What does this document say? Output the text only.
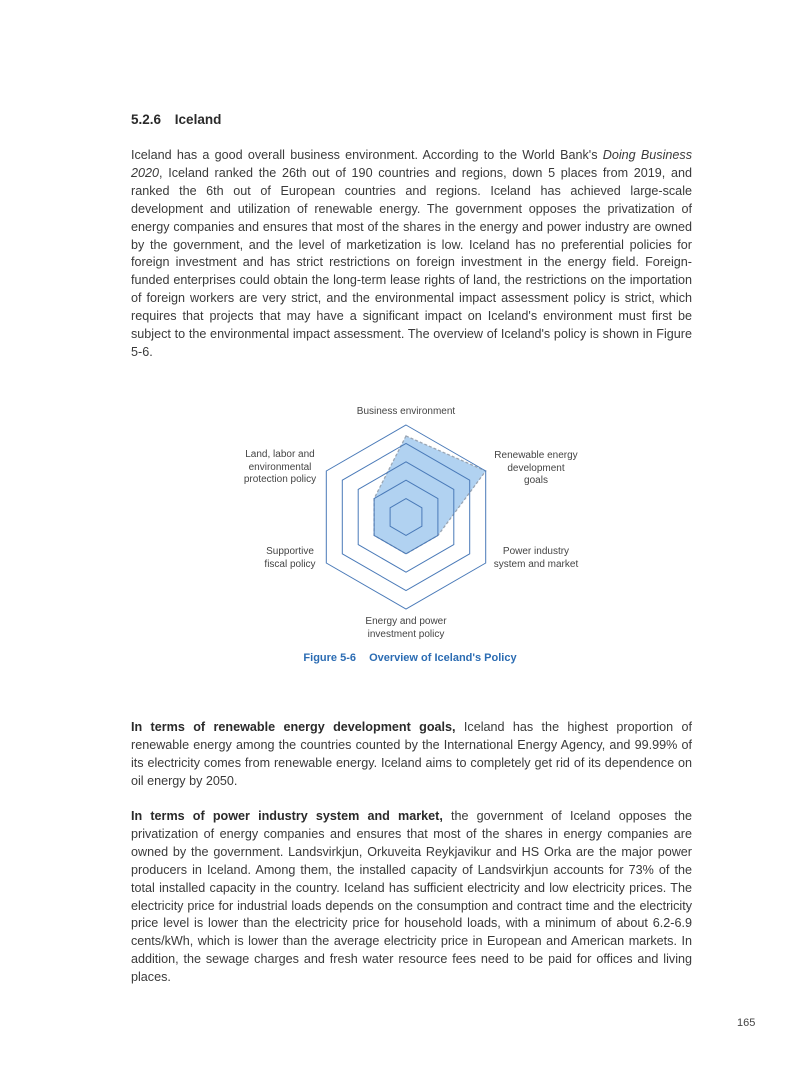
5.2.6 Iceland
Iceland has a good overall business environment. According to the World Bank's Doing Business 2020, Iceland ranked the 26th out of 190 countries and regions, down 5 places from 2019, and ranked the 6th out of European countries and regions. Iceland has achieved large-scale development and utilization of renewable energy. The government opposes the privatization of energy companies and ensures that most of the shares in the energy and power industry are owned by the government, and the level of marketization is low. Iceland has no preferential policies for foreign investment and has strict restrictions on foreign investment in the energy field. Foreign-funded enterprises could obtain the long-term lease rights of land, the restrictions on the importation of foreign workers are very strict, and the environmental impact assessment policy is strict, which requires that projects that may have a significant impact on Iceland's environment must first be subject to the environmental impact assessment. The overview of Iceland's policy is shown in Figure 5-6.
Business environment
Renewable energy
development
goals
Power industry
system and market
Energy and power
investment policy
Supportive
fiscal policy
Land, labor and
environmental
protection policy
Figure 5-6 Overview of Iceland's Policy
In terms of renewable energy development goals, Iceland has the highest proportion of renewable energy among the countries counted by the International Energy Agency, and 99.99% of its electricity comes from renewable energy. Iceland aims to completely get rid of its dependence on oil energy by 2050.
In terms of power industry system and market, the government of Iceland opposes the privatization of energy companies and ensures that most of the shares in energy companies are owned by the government. Landsvirkjun, Orkuveita Reykjavikur and HS Orka are the major power producers in Iceland. Among them, the installed capacity of Landsvirkjun accounts for 73% of the total installed capacity in the country. Iceland has sufficient electricity and low electricity prices. The electricity price for industrial loads depends on the consumption and contract time and the electricity price level is lower than the electricity price for household loads, with a minimum of about 6.2-6.9 cents/kWh, which is lower than the average electricity price in European and American markets. In addition, the sewage charges and fresh water resource fees need to be paid for offices and living places.
165
